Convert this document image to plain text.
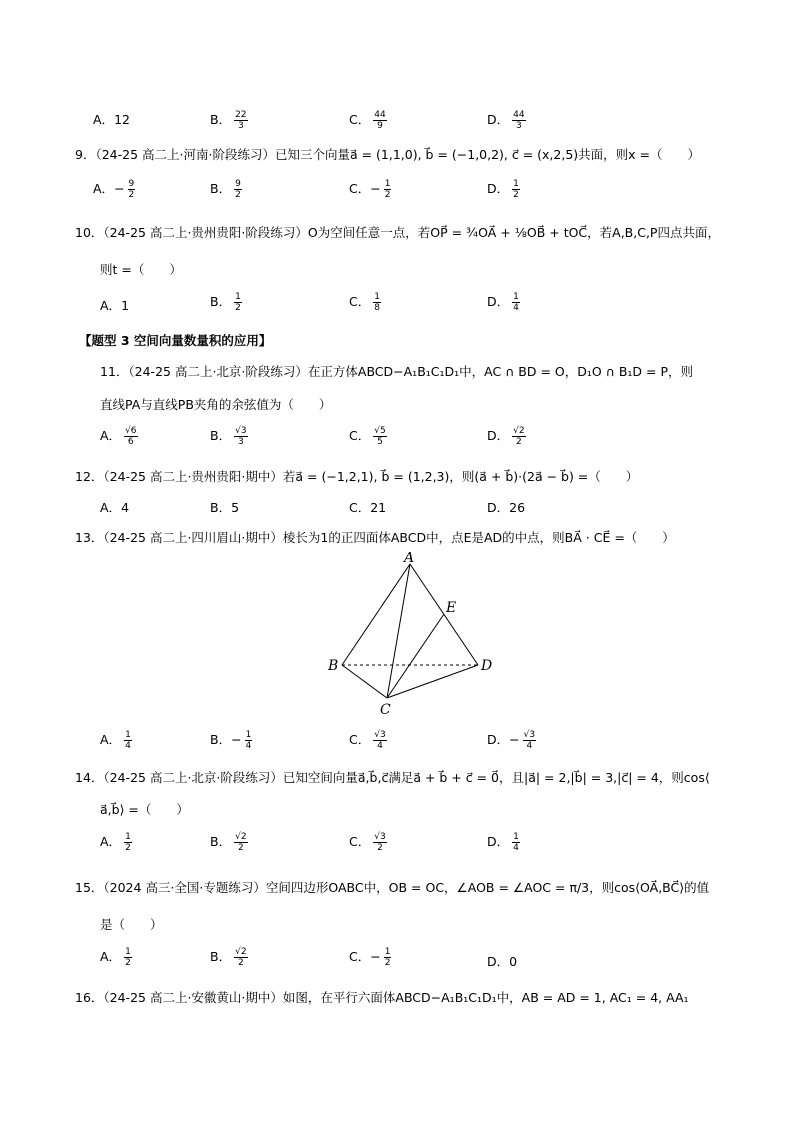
A．12	B． $\frac{22}{3}$	C． $\frac{44}{9}$	D． $\frac{44}{3}$
9．（24-25 高二上·河南·阶段练习）已知三个向量a⃗ = (1,1,0), b⃗ = (−1,0,2), c⃗ = (x,2,5)共面，则x =（　　）
A．− $\frac{9}{2}$	B． $\frac{9}{2}$	C．− $\frac{1}{2}$	D． $\frac{1}{2}$
10．（24-25 高二上·贵州贵阳·阶段练习）O为空间任意一点，若OP⃗ = ¾OA⃗ + ⅛OB⃗ + tOC⃗，若A,B,C,P四点共面，
则t =（　　）
A．1	B． $\frac{1}{2}$	C． $\frac{1}{8}$	D． $\frac{1}{4}$
【题型 3 空间向量数量积的应用】
11．（24-25 高二上·北京·阶段练习）在正方体ABCD−A₁B₁C₁D₁中，AC ∩ BD = O，D₁O ∩ B₁D = P，则
直线PA与直线PB夹角的余弦值为（　　）
A． $\frac{√6}{6}$	B． $\frac{√3}{3}$	C． $\frac{√5}{5}$	D． $\frac{√2}{2}$
12．（24-25 高二上·贵州贵阳·期中）若a⃗ = (−1,2,1), b⃗ = (1,2,3)，则(a⃗ + b⃗)·(2a⃗ − b⃗) =（　　）
A．4	B．5	C．21	D．26
13．（24-25 高二上·四川眉山·期中）棱长为1的正四面体ABCD中，点E是AD的中点，则BA⃗ · CE⃗ =（　　）
A
B
C
D
E
A． $\frac{1}{4}$	B．− $\frac{1}{4}$	C． $\frac{√3}{4}$	D．− $\frac{√3}{4}$
14．（24-25 高二上·北京·阶段练习）已知空间向量a⃗,b⃗,c⃗满足a⃗ + b⃗ + c⃗ = 0⃗，且|a⃗| = 2,|b⃗| = 3,|c⃗| = 4，则cos⟨
a⃗,b⃗⟩ =（　　）
A． $\frac{1}{2}$	B． $\frac{√2}{2}$	C． $\frac{√3}{2}$	D． $\frac{1}{4}$
15．（2024 高三·全国·专题练习）空间四边形OABC中，OB = OC，∠AOB = ∠AOC = π/3，则cos⟨OA⃗,BC⃗⟩的值
是（　　）
A． $\frac{1}{2}$	B． $\frac{√2}{2}$	C．− $\frac{1}{2}$	D．0
16．（24-25 高二上·安徽黄山·期中）如图，在平行六面体ABCD−A₁B₁C₁D₁中，AB = AD = 1, AC₁ = 4, AA₁
